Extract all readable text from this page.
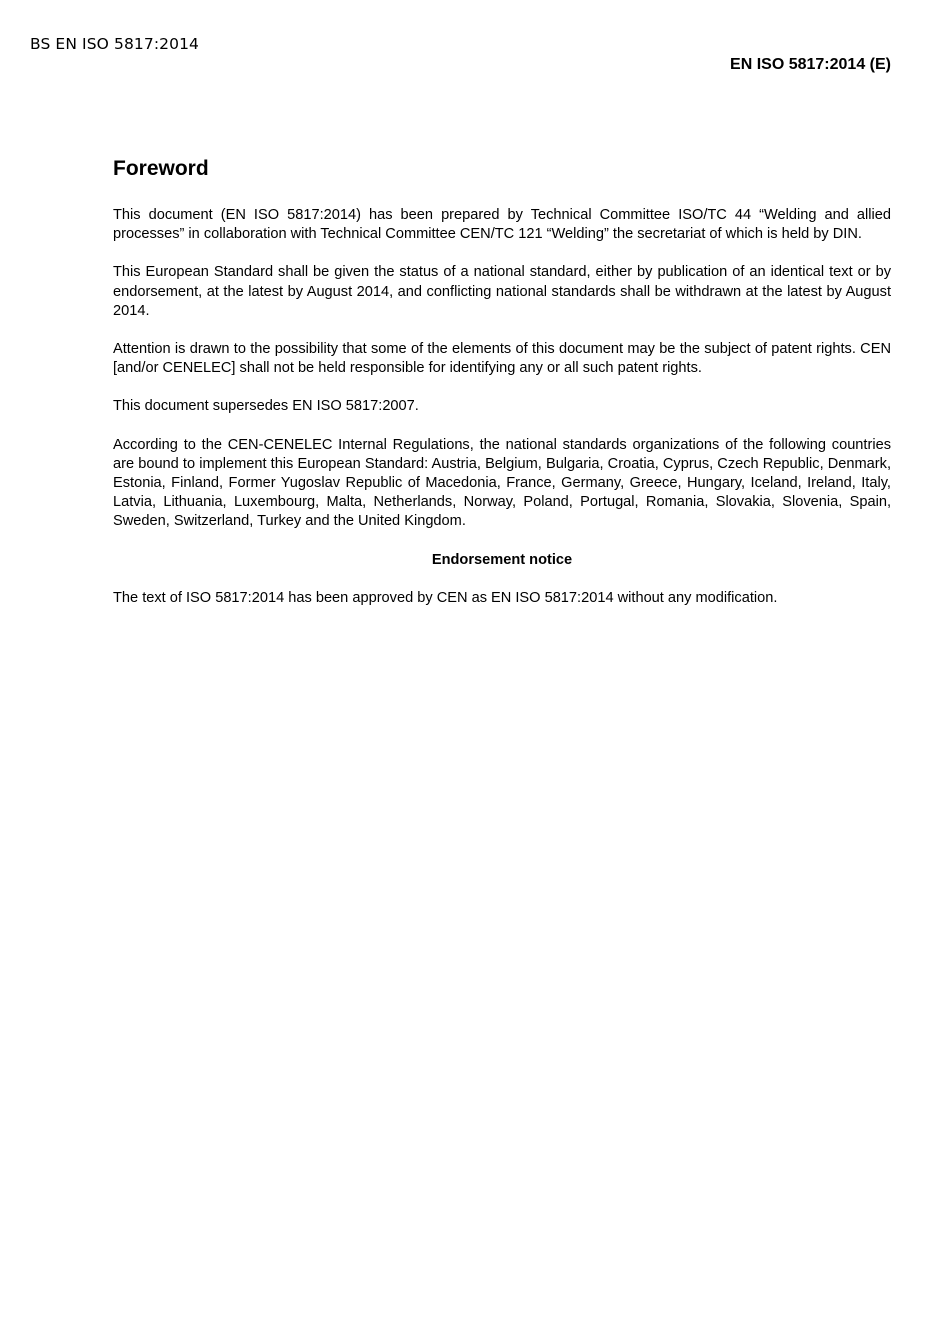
BS EN ISO 5817:2014
EN ISO 5817:2014 (E)
Foreword

This document (EN ISO 5817:2014) has been prepared by Technical Committee ISO/TC 44 “Welding and allied processes” in collaboration with Technical Committee CEN/TC 121 “Welding” the secretariat of which is held by DIN.

This European Standard shall be given the status of a national standard, either by publication of an identical text or by endorsement, at the latest by August 2014, and conflicting national standards shall be withdrawn at the latest by August 2014.

Attention is drawn to the possibility that some of the elements of this document may be the subject of patent rights. CEN [and/or CENELEC] shall not be held responsible for identifying any or all such patent rights.

This document supersedes EN ISO 5817:2007.

According to the CEN-CENELEC Internal Regulations, the national standards organizations of the following countries are bound to implement this European Standard: Austria, Belgium, Bulgaria, Croatia, Cyprus, Czech Republic, Denmark, Estonia, Finland, Former Yugoslav Republic of Macedonia, France, Germany, Greece, Hungary, Iceland, Ireland, Italy, Latvia, Lithuania, Luxembourg, Malta, Netherlands, Norway, Poland, Portugal, Romania, Slovakia, Slovenia, Spain, Sweden, Switzerland, Turkey and the United Kingdom.

Endorsement notice

The text of ISO 5817:2014 has been approved by CEN as EN ISO 5817:2014 without any modification.
